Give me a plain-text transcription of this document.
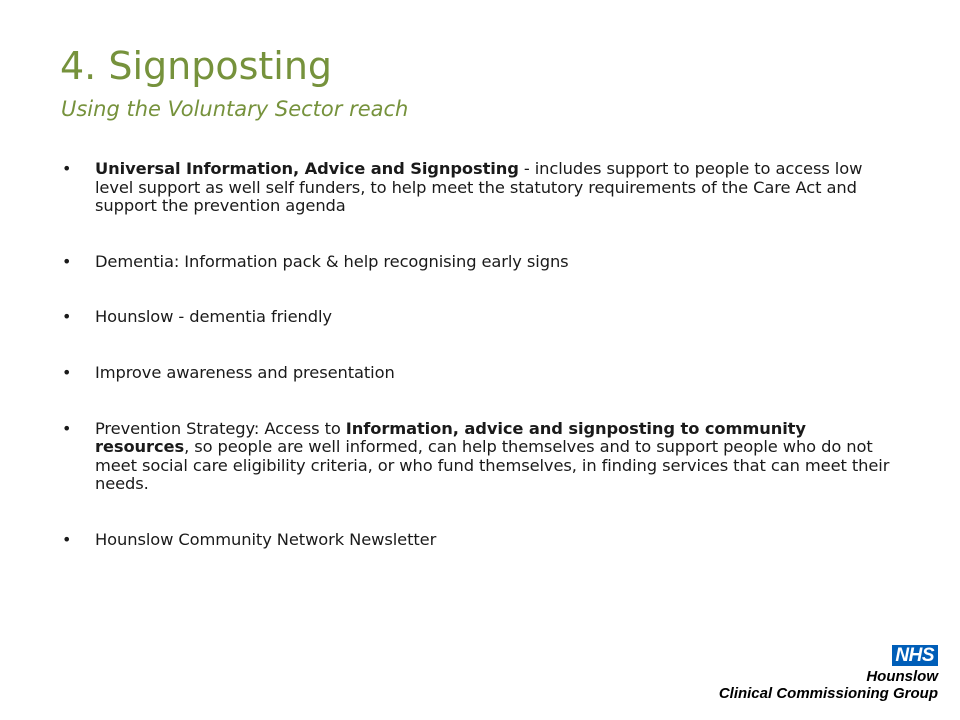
4. Signposting
Using the Voluntary Sector reach
• Universal Information, Advice and Signposting - includes support to people to access low level support as well self funders, to help meet the statutory requirements of the Care Act and support the prevention agenda
• Dementia: Information pack & help recognising early signs
• Hounslow - dementia friendly
• Improve awareness and presentation
• Prevention Strategy: Access to Information, advice and signposting to community resources, so people are well informed, can help themselves and to support people who do not meet social care eligibility criteria, or who fund themselves, in finding services that can meet their needs.
• Hounslow Community Network Newsletter
NHS
Hounslow
Clinical Commissioning Group
